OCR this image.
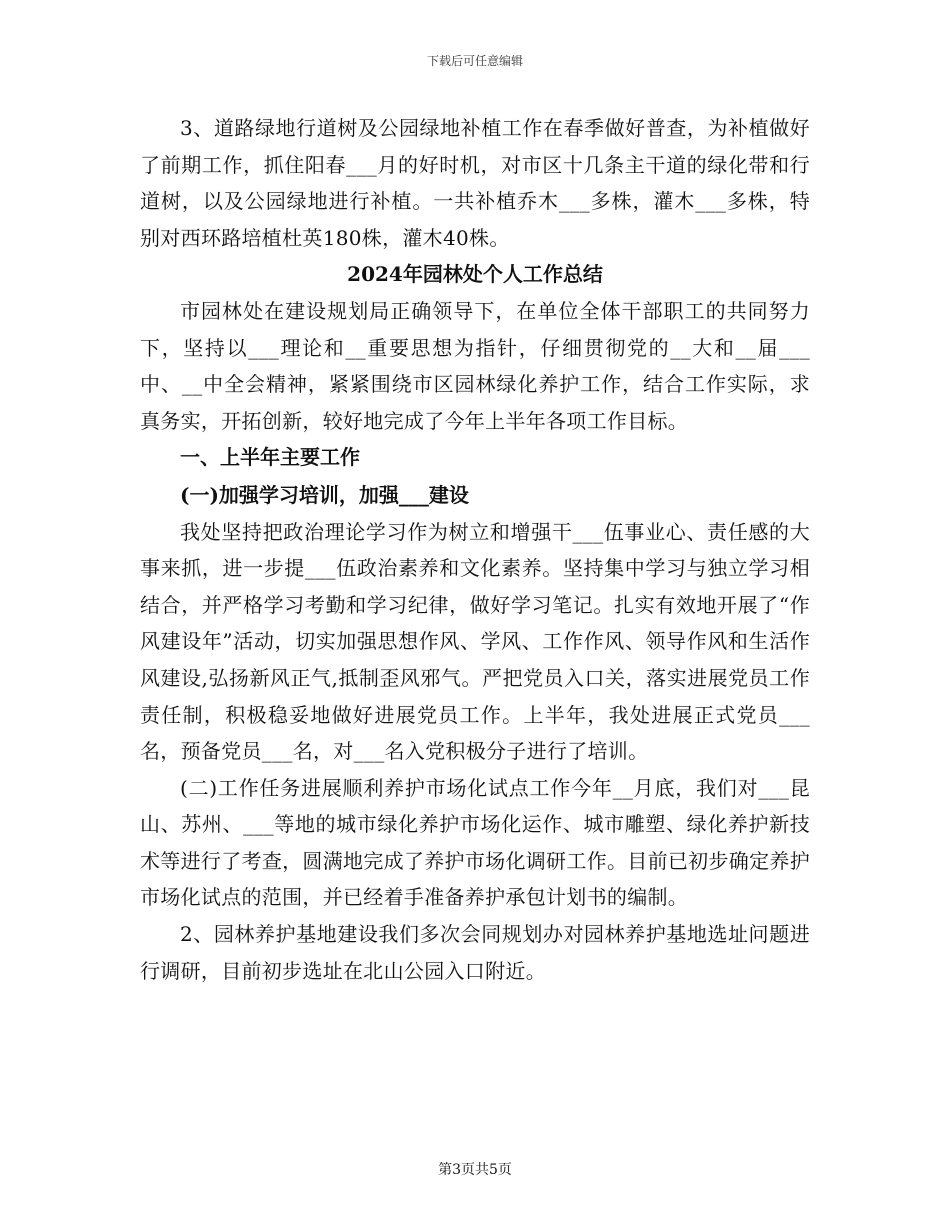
下载后可任意编辑

3、道路绿地行道树及公园绿地补植工作在春季做好普查，为补植做好了前期工作，抓住阳春___月的好时机，对市区十几条主干道的绿化带和行道树，以及公园绿地进行补植。一共补植乔木___多株，灌木___多株，特别对西环路培植杜英180株，灌木40株。

2024年园林处个人工作总结

市园林处在建设规划局正确领导下，在单位全体干部职工的共同努力下，坚持以___理论和__重要思想为指针，仔细贯彻党的__大和__届___中、__中全会精神，紧紧围绕市区园林绿化养护工作，结合工作实际，求真务实，开拓创新，较好地完成了今年上半年各项工作目标。

一、上半年主要工作

(一)加强学习培训，加强___建设

我处坚持把政治理论学习作为树立和增强干___伍事业心、责任感的大事来抓，进一步提___伍政治素养和文化素养。坚持集中学习与独立学习相结合，并严格学习考勤和学习纪律，做好学习笔记。扎实有效地开展了“作风建设年”活动，切实加强思想作风、学风、工作作风、领导作风和生活作风建设,弘扬新风正气,抵制歪风邪气。严把党员入口关，落实进展党员工作责任制，积极稳妥地做好进展党员工作。上半年，我处进展正式党员___名，预备党员___名，对___名入党积极分子进行了培训。

(二)工作任务进展顺利养护市场化试点工作今年__月底，我们对___昆山、苏州、___等地的城市绿化养护市场化运作、城市雕塑、绿化养护新技术等进行了考查，圆满地完成了养护市场化调研工作。目前已初步确定养护市场化试点的范围，并已经着手准备养护承包计划书的编制。

2、园林养护基地建设我们多次会同规划办对园林养护基地选址问题进行调研，目前初步选址在北山公园入口附近。

第3页共5页
